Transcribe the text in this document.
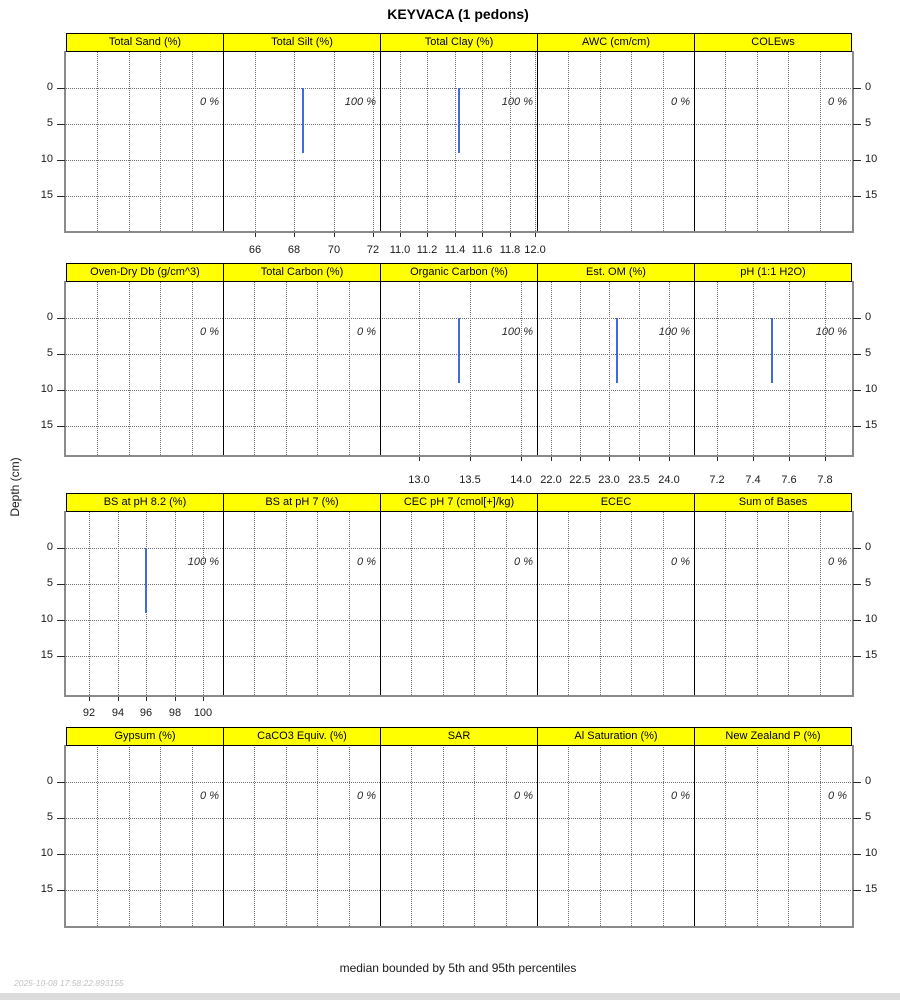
KEYVACA (1 pedons)
Depth (cm)
median bounded by 5th and 95th percentiles
2025-10-08 17:58:22.893155
0 %
Total Sand (%)
100 %
66	68	70	72
Total Silt (%)
100 %
11.0 11.2 11.4 11.6 11.8 12.0
Total Clay (%)
0 %
AWC (cm/cm)
0 %
COLEws
0	0
5	5
10	10
15	15
0 %
Oven-Dry Db (g/cm^3)
0 %
Total Carbon (%)
100 %
13.0	13.5	14.0
Organic Carbon (%)
100 %
22.0 22.5 23.0 23.5 24.0
Est. OM (%)
100 %
7.2	7.4	7.6	7.8
pH (1:1 H2O)
0	0
5	5
10	10
15	15
100 %
92	94	96	98	100
BS at pH 8.2 (%)
0 %
BS at pH 7 (%)
0 %
CEC pH 7 (cmol[+]/kg)
0 %
ECEC
0 %
Sum of Bases
0	0
5	5
10	10
15	15
0 %
Gypsum (%)
0 %
CaCO3 Equiv. (%)
0 %
SAR
0 %
Al Saturation (%)
0 %
New Zealand P (%)
0	0
5	5
10	10
15	15
